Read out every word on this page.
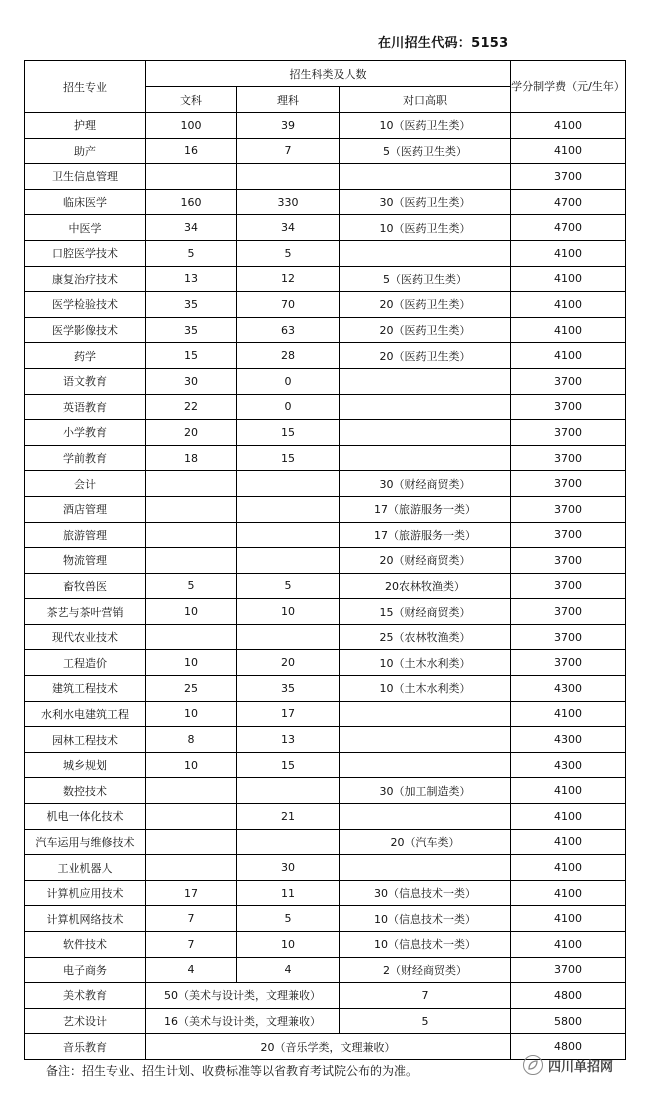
在川招生代码：5153
招生专业	招生科类及人数			学分制学费（元/生年）
	文科	理科	对口高职	
护理	100	39	10（医药卫生类）	4100
助产	16	7	5（医药卫生类）	4100
卫生信息管理				3700
临床医学	160	330	30（医药卫生类）	4700
中医学	34	34	10（医药卫生类）	4700
口腔医学技术	5	5		4100
康复治疗技术	13	12	5（医药卫生类）	4100
医学检验技术	35	70	20（医药卫生类）	4100
医学影像技术	35	63	20（医药卫生类）	4100
药学	15	28	20（医药卫生类）	4100
语文教育	30	0		3700
英语教育	22	0		3700
小学教育	20	15		3700
学前教育	18	15		3700
会计			30（财经商贸类）	3700
酒店管理			17（旅游服务一类）	3700
旅游管理			17（旅游服务一类）	3700
物流管理			20（财经商贸类）	3700
畜牧兽医	5	5	20农林牧渔类）	3700
茶艺与茶叶营销	10	10	15（财经商贸类）	3700
现代农业技术			25（农林牧渔类）	3700
工程造价	10	20	10（土木水利类）	3700
建筑工程技术	25	35	10（土木水利类）	4300
水利水电建筑工程	10	17		4100
园林工程技术	8	13		4300
城乡规划	10	15		4300
数控技术			30（加工制造类）	4100
机电一体化技术		21		4100
汽车运用与维修技术			20（汽车类）	4100
工业机器人		30		4100
计算机应用技术	17	11	30（信息技术一类）	4100
计算机网络技术	7	5	10（信息技术一类）	4100
软件技术	7	10	10（信息技术一类）	4100
电子商务	4	4	2（财经商贸类）	3700
美术教育	50（美术与设计类，文理兼收）		7	4800
艺术设计	16（美术与设计类，文理兼收）		5	5800
音乐教育	20（音乐学类，文理兼收）			4800
备注：招生专业、招生计划、收费标准等以省教育考试院公布的为准。	四川单招网
